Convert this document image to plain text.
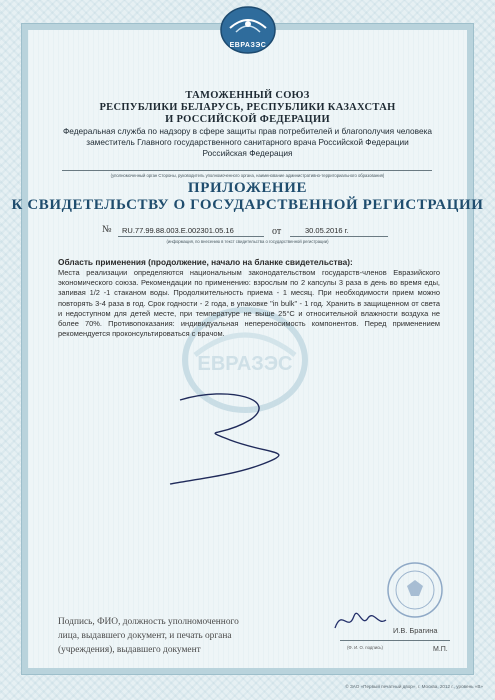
ЕВРАЗЭС
ТАМОЖЕННЫЙ СОЮЗ
РЕСПУБЛИКИ БЕЛАРУСЬ, РЕСПУБЛИКИ КАЗАХСТАН
И РОССИЙСКОЙ ФЕДЕРАЦИИ
Федеральная служба по надзору в сфере защиты прав потребителей и благополучия человека
заместитель Главного государственного санитарного врача Российской Федерации
Российская Федерация
(уполномоченный орган Стороны, руководитель уполномоченного органа, наименование административно-территориального образования)
ПРИЛОЖЕНИЕ
К СВИДЕТЕЛЬСТВУ О ГОСУДАРСТВЕННОЙ РЕГИСТРАЦИИ
№ RU.77.99.88.003.E.002301.05.16	от	30.05.2016 г.
(информация, по внесению в текст свидетельства о государственной регистрации)
ЕВРАЗЭС
Область применения (продолжение, начало на бланке свидетельства):
Места реализации определяются национальным законодательством государств-членов Евразийского экономического союза. Рекомендации по применению: взрослым по 2 капсулы 3 раза в день во время еды, запивая 1/2 -1 стаканом воды. Продолжительность приема - 1 месяц. При необходимости прием можно повторять 3-4 раза в год. Срок годности - 2 года, в упаковке "in bulk" - 1 год. Хранить в защищенном от света и недоступном для детей месте, при температуре не выше 25°С и относительной влажности воздуха не более 70%. Противопоказания: индивидуальная непереносимость компонентов. Перед применением рекомендуется проконсультироваться с врачом.
Подпись, ФИО, должность уполномоченного
лица, выдавшего документ, и печать органа
(учреждения), выдавшего документ
И.В. Брагина
(Ф. И. О. подпись)	М.П.
© ЗАО «Первый печатный двор», г. Москва, 2012 г., уровень «В»
